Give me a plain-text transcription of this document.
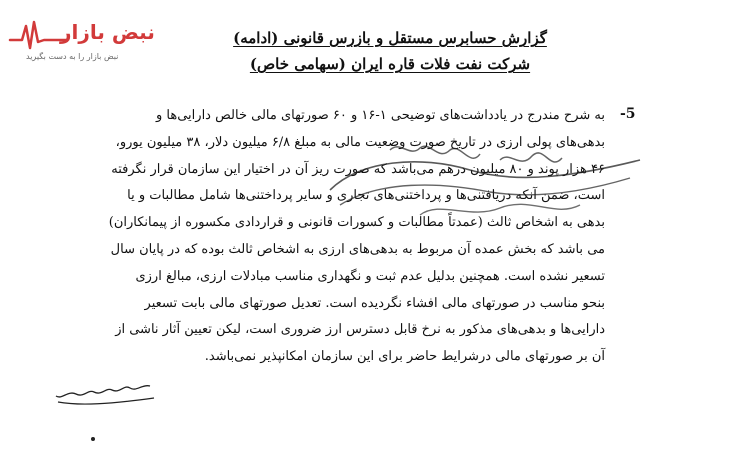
نبض بازار
نبض بازار را به دست بگیرید
گزارش حسابرس مستقل و بازرس قانونی (ادامه)
شرکت نفت فلات قاره ایران (سهامی خاص)
-5
به شرح مندرج در یادداشت‌های توضیحی ۱-۱۶ و ۶۰ صورتهای مالی خالص دارایی‌ها و
بدهی‌های پولی ارزی در تاریخ صورت وضعیت مالی به مبلغ ۶/۸ میلیون دلار، ۳۸ میلیون یورو،
۴۶ هزار پوند و ۸۰ میلیون درهم می‌باشد که صورت ریز آن در اختیار این سازمان قرار نگرفته
است، ضمن آنکه دریافتنی‌ها و پرداختنی‌های تجاری و سایر پرداختنی‌ها شامل مطالبات و یا
بدهی به اشخاص ثالث (عمدتاً مطالبات و کسورات قانونی و قراردادی مکسوره از پیمانکاران)
می باشد که بخش عمده آن مربوط به بدهی‌های ارزی به اشخاص ثالث بوده که در پایان سال
تسعیر نشده است. همچنین بدلیل عدم ثبت و نگهداری مناسب مبادلات ارزی، مبالغ ارزی
بنحو مناسب در صورتهای مالی افشاء نگردیده است. تعدیل صورتهای مالی بابت تسعیر
دارایی‌ها و بدهی‌های مذکور به نرخ قابل دسترس ارز ضروری است، لیکن تعیین آثار ناشی از
آن بر صورتهای مالی درشرایط حاضر برای این سازمان امکانپذیر نمی‌باشد.
